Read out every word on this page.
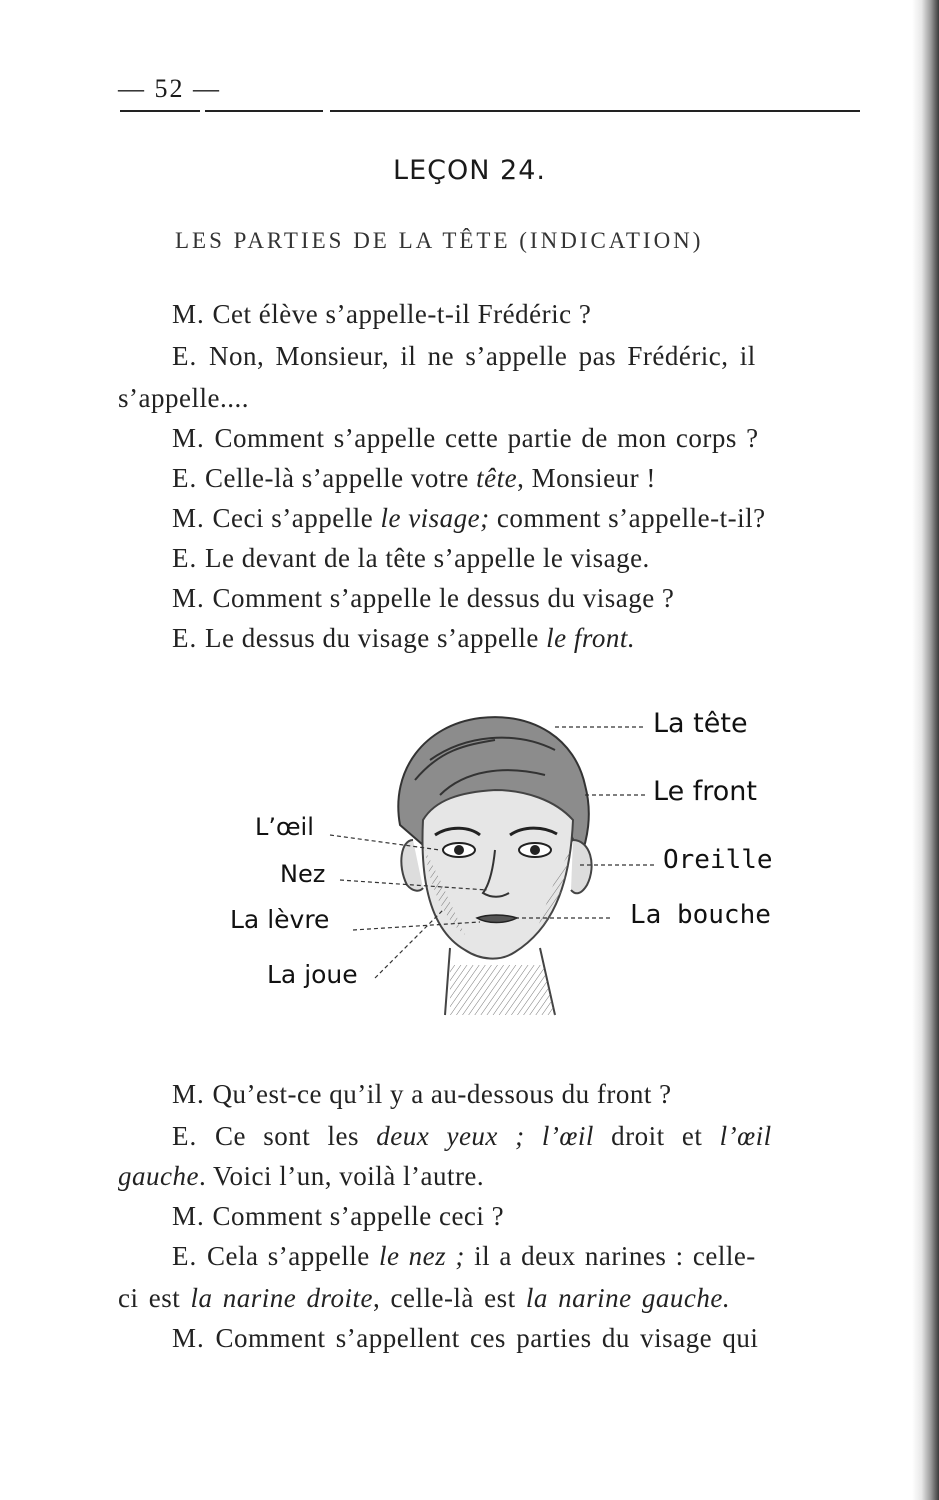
— 52 —
LEÇON 24.
LES PARTIES DE LA TÊTE (INDICATION)
M. Cet élève s’appelle-t-il Frédéric ?
E. Non, Monsieur, il ne s’appelle pas Frédéric, il
s’appelle....
M. Comment s’appelle cette partie de mon corps ?
E. Celle-là s’appelle votre tête, Monsieur !
M. Ceci s’appelle le visage; comment s’appelle-t-il?
E. Le devant de la tête s’appelle le visage.
M. Comment s’appelle le dessus du visage ?
E. Le dessus du visage s’appelle le front.
La tête
Le front
Oreille
La bouche
L’œil
Nez
La lèvre
La joue
M. Qu’est-ce qu’il y a au-dessous du front ?
E. Ce sont les deux yeux ; l’œil droit et l’œil
gauche. Voici l’un, voilà l’autre.
M. Comment s’appelle ceci ?
E. Cela s’appelle le nez ; il a deux narines : celle-
ci est la narine droite, celle-là est la narine gauche.
M. Comment s’appellent ces parties du visage qui
